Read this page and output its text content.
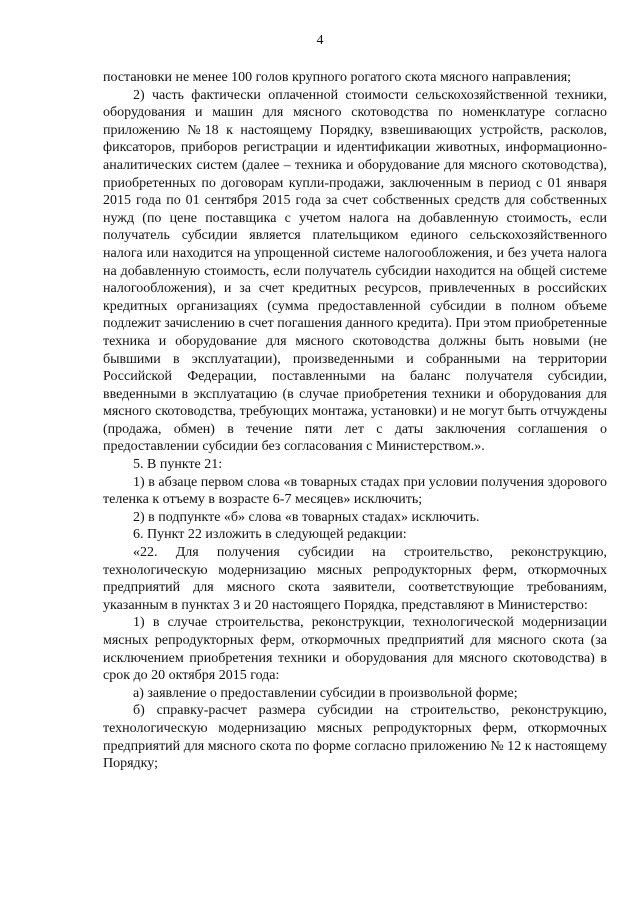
4

постановки не менее 100 голов крупного рогатого скота мясного направления;

2) часть фактически оплаченной стоимости сельскохозяйственной техники, оборудования и машин для мясного скотоводства по номенклатуре согласно приложению №18 к настоящему Порядку, взвешивающих устройств, расколов, фиксаторов, приборов регистрации и идентификации животных, информационно-аналитических систем (далее – техника и оборудование для мясного скотоводства), приобретенных по договорам купли-продажи, заключенным в период с 01 января 2015 года по 01 сентября 2015 года за счет собственных средств для собственных нужд (по цене поставщика с учетом налога на добавленную стоимость, если получатель субсидии является плательщиком единого сельскохозяйственного налога или находится на упрощенной системе налогообложения, и без учета налога на добавленную стоимость, если получатель субсидии находится на общей системе налогообложения), и за счет кредитных ресурсов, привлеченных в российских кредитных организациях (сумма предоставленной субсидии в полном объеме подлежит зачислению в счет погашения данного кредита). При этом приобретенные техника и оборудование для мясного скотоводства должны быть новыми (не бывшими в эксплуатации), произведенными и собранными на территории Российской Федерации, поставленными на баланс получателя субсидии, введенными в эксплуатацию (в случае приобретения техники и оборудования для мясного скотоводства, требующих монтажа, установки) и не могут быть отчуждены (продажа, обмен) в течение пяти лет с даты заключения соглашения о предоставлении субсидии без согласования с Министерством.».

5. В пункте 21:

1) в абзаце первом слова «в товарных стадах при условии получения здорового теленка к отъему в возрасте 6-7 месяцев» исключить;

2) в подпункте «б» слова «в товарных стадах» исключить.

6. Пункт 22 изложить в следующей редакции:

«22. Для получения субсидии на строительство, реконструкцию, технологическую модернизацию мясных репродукторных ферм, откормочных предприятий для мясного скота заявители, соответствующие требованиям, указанным в пунктах 3 и 20 настоящего Порядка, представляют в Министерство:

1) в случае строительства, реконструкции, технологической модернизации мясных репродукторных ферм, откормочных предприятий для мясного скота (за исключением приобретения техники и оборудования для мясного скотоводства) в срок до 20 октября 2015 года:

а) заявление о предоставлении субсидии в произвольной форме;

б) справку-расчет размера субсидии на строительство, реконструкцию, технологическую модернизацию мясных репродукторных ферм, откормочных предприятий для мясного скота по форме согласно приложению № 12 к настоящему Порядку;
